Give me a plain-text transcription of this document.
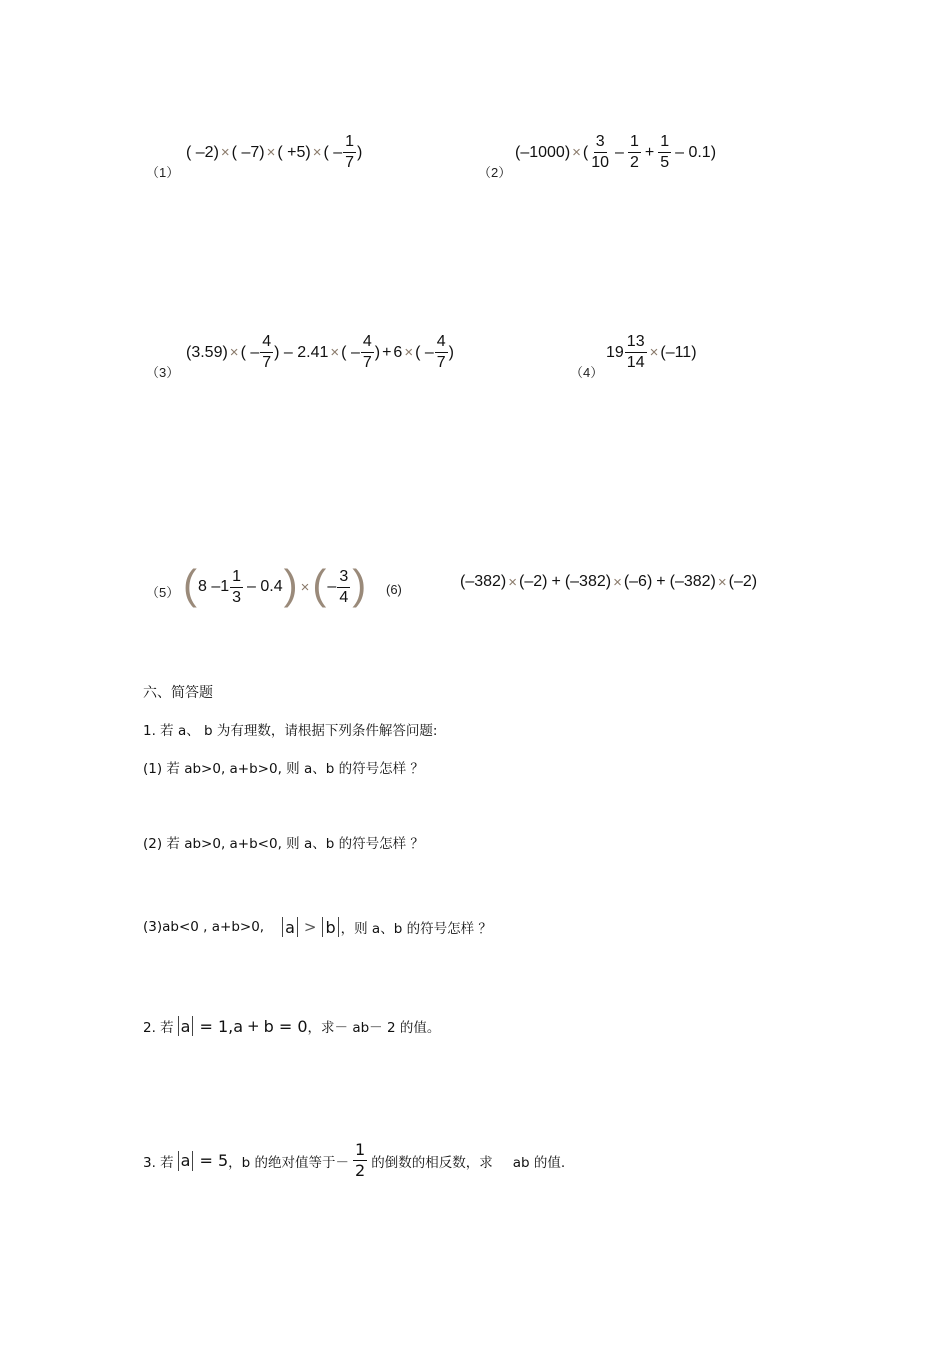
（1）
( –2) × ( –7) × ( +5) × ( – $\frac{1}{7}$ )
（2）
(–1000) × ( $\frac{3}{10} - \frac{1}{2} + \frac{1}{5} - 0.1$)
（3）
(3.59) × ( – $\frac{4}{7}$ ) – 2.41 × ( – $\frac{4}{7}$ ) + 6 × ( – $\frac{4}{7}$ )
（4）
$19 \frac{13}{14} \times (-11)$
（5） ( 8 $-1 \frac{1}{3} - 0.4$ ) × ( – $\frac{3}{4}$ ) (6)	(–382) × (–2) + (–382) × (–6) + (–382) × (–2)
六、简答题
1. 若 a、 b 为有理数，请根据下列条件解答问题:
(1) 若 ab>0, a+b>0, 则 a、b 的符号怎样 ？
(2) 若 ab>0, a+b<0, 则 a、b 的符号怎样 ？
(3)ab<0 , a+b>0, a > b ，则 a、b 的符号怎样 ？
2. 若 a = 1,a + b = 0 ，求－ ab－ 2 的值。
3. 若 a = 5 ，b 的绝对值等于－ $\frac{1}{2}$ 的倒数的相反数，求 ab 的值.
